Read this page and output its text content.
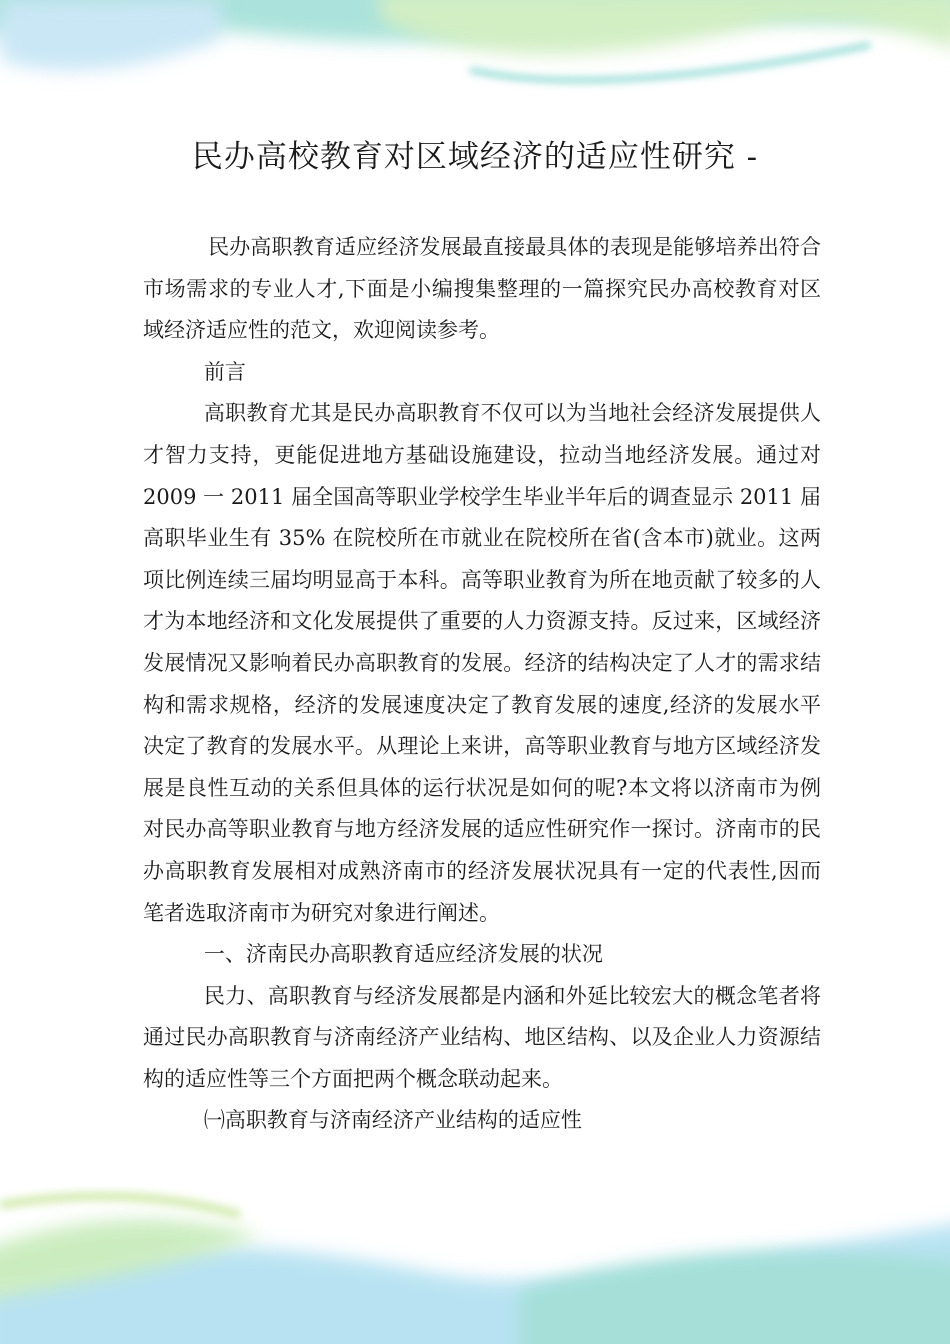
民办高校教育对区域经济的适应性研究 -

民办高职教育适应经济发展最直接最具体的表现是能够培养出符合市场需求的专业人才,下面是小编搜集整理的一篇探究民办高校教育对区域经济适应性的范文，欢迎阅读参考。

前言

高职教育尤其是民办高职教育不仅可以为当地社会经济发展提供人才智力支持，更能促进地方基础设施建设，拉动当地经济发展。通过对 2009 一 2011 届全国高等职业学校学生毕业半年后的调查显示 2011 届高职毕业生有 35% 在院校所在市就业在院校所在省(含本市)就业。这两项比例连续三届均明显高于本科。高等职业教育为所在地贡献了较多的人才为本地经济和文化发展提供了重要的人力资源支持。反过来，区域经济发展情况又影响着民办高职教育的发展。经济的结构决定了人才的需求结构和需求规格，经济的发展速度决定了教育发展的速度,经济的发展水平决定了教育的发展水平。从理论上来讲，高等职业教育与地方区域经济发展是良性互动的关系但具体的运行状况是如何的呢?本文将以济南市为例对民办高等职业教育与地方经济发展的适应性研究作一探讨。济南市的民办高职教育发展相对成熟济南市的经济发展状况具有一定的代表性,因而笔者选取济南市为研究对象进行阐述。

一、济南民办高职教育适应经济发展的状况

民力、高职教育与经济发展都是内涵和外延比较宏大的概念笔者将通过民办高职教育与济南经济产业结构、地区结构、以及企业人力资源结构的适应性等三个方面把两个概念联动起来。

㈠高职教育与济南经济产业结构的适应性
